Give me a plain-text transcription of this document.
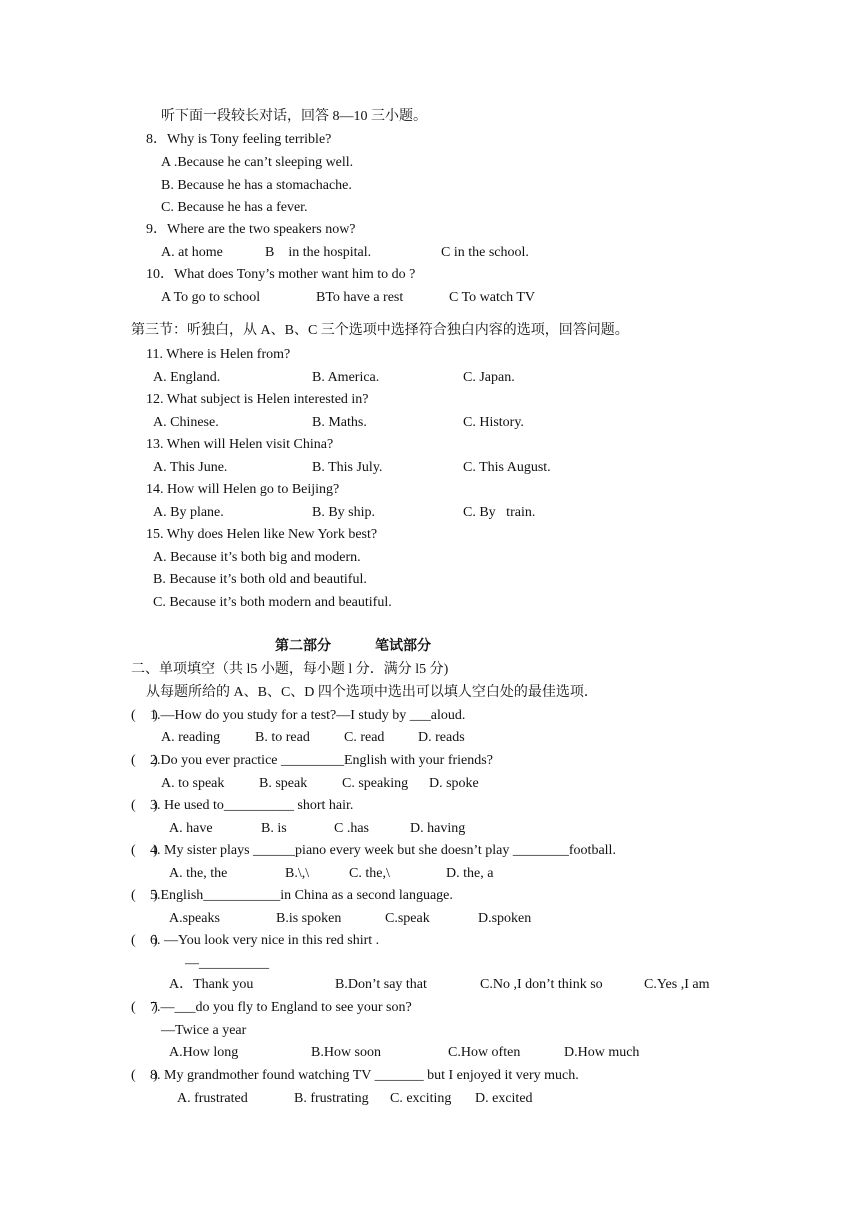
听下面一段较长对话，回答 8—10 三小题。
8．Why is Tony feeling terrible?
A .Because he can’t sleeping well.
B. Because he has a stomachache.
C. Because he has a fever.
9．Where are the two speakers now?
A. at home	B    in the hospital.	C in the school.
10．What does Tony’s mother want him to do ?
A To go to school	BTo have a rest	C To watch TV
第三节：听独白，从 A、B、C 三个选项中选择符合独白内容的选项，回答问题。
11. Where is Helen from?
A. England.	B. America.	C. Japan.
12. What subject is Helen interested in?
A. Chinese.	B. Maths.	C. History.
13. When will Helen visit China?
A. This June.	B. This July.	C. This August.
14. How will Helen go to Beijing?
A. By plane.	B. By ship.	C. By   train.
15. Why does Helen like New York best?
A. Because it’s both big and modern.
B. Because it’s both old and beautiful.
C. Because it’s both modern and beautiful.
第二部分	笔试部分
二、单项填空（共 l5 小题，每小题 l 分．满分 l5 分)
从每题所给的 A、B、C、D 四个选项中选出可以填人空白处的最佳选项．
(     )
1.—How do you study for a test?—I study by ___aloud.
A. reading B. to read C. read D. reads
(     )
2.Do you ever practice _________English with your friends?
A. to speak B. speak C. speaking D. spoke
(     )
3. He used to__________ short hair.
A. have	B. is	C .has	D. having
(     )
4. My sister plays ______piano every week but she doesn’t play ________football.
A. the, the	B.\,\	C. the,\	D. the, a
(     )
5.English___________in China as a second language.
A.speaks	B.is spoken	C.speak	D.spoken
(     )
6. —You look very nice in this red shirt .
—__________
A．Thank you	B.Don’t say that	C.No ,I don’t think so	C.Yes ,I am
(     )
7.—___do you fly to England to see your son?
—Twice a year
A.How long	B.How soon	C.How often	D.How much
(     )
8. My grandmother found watching TV _______ but I enjoyed it very much.
A. frustrated	B. frustrating C. exciting D. excited
